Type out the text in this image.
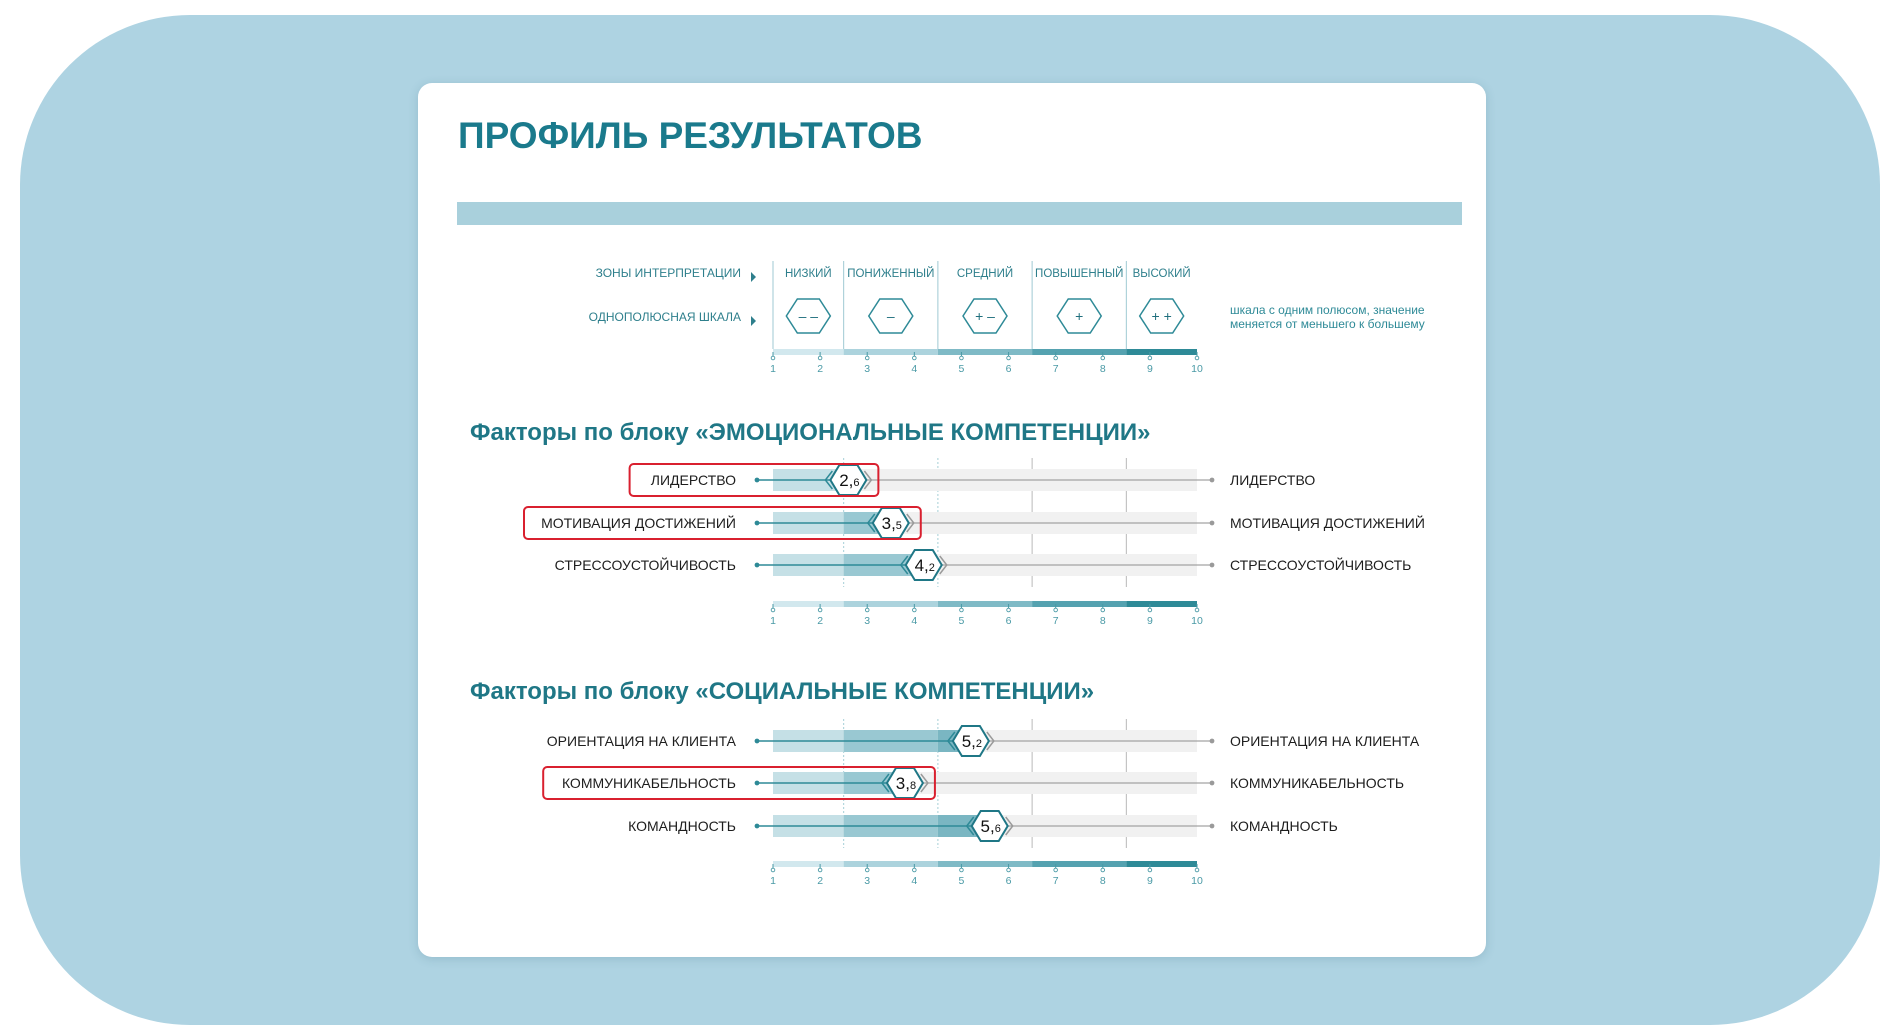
ПРОФИЛЬ РЕЗУЛЬТАТОВ
ЗОНЫ ИНТЕРПРЕТАЦИИ
ОДНОПОЛЮСНАЯ ШКАЛА
НИЗКИЙ
– –
ПОНИЖЕННЫЙ
–
СРЕДНИЙ
+ –
ПОВЫШЕННЫЙ
+
ВЫСОКИЙ
+ +	шкала с одним полюсом, значение
меняется от меньшего к большему
1	2	3	4	5	6	7	8	9	10
Факторы по блоку «ЭМОЦИОНАЛЬНЫЕ КОМПЕТЕНЦИИ»
ЛИДЕРСТВО	ЛИДЕРСТВО
2,6
МОТИВАЦИЯ ДОСТИЖЕНИЙ	МОТИВАЦИЯ ДОСТИЖЕНИЙ
3,5
СТРЕССОУСТОЙЧИВОСТЬ	СТРЕССОУСТОЙЧИВОСТЬ
4,2
1	2	3	4	5	6	7	8	9	10
Факторы по блоку «СОЦИАЛЬНЫЕ КОМПЕТЕНЦИИ»
ОРИЕНТАЦИЯ НА КЛИЕНТА	ОРИЕНТАЦИЯ НА КЛИЕНТА
5,2
КОММУНИКАБЕЛЬНОСТЬ	КОММУНИКАБЕЛЬНОСТЬ
3,8
КОМАНДНОСТЬ	КОМАНДНОСТЬ
5,6
1	2	3	4	5	6	7	8	9	10
